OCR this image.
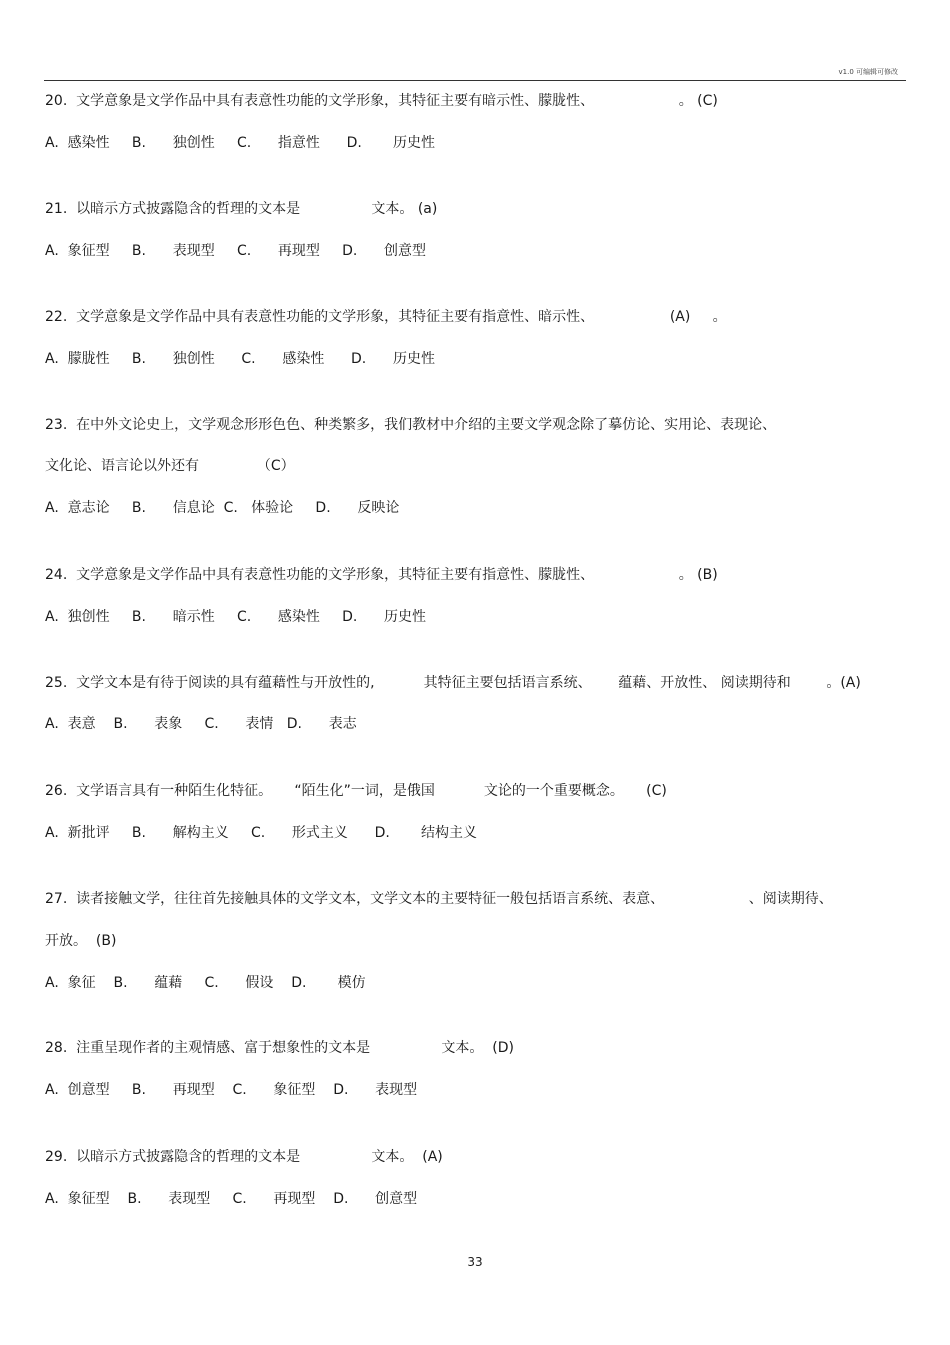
v1.0 可编辑可修改
20.  文学意象是文学作品中具有表意性功能的文学形象，其特征主要有暗示性、朦胧性、                   。 (C)
A.  感染性     B.      独创性     C.      指意性      D.       历史性
21.  以暗示方式披露隐含的哲理的文本是                文本。 (a)
A.  象征型     B.      表现型     C.      再现型     D.      创意型
22.  文学意象是文学作品中具有表意性功能的文学形象，其特征主要有指意性、暗示性、                 (A)     。
A.  朦胧性     B.      独创性      C.      感染性      D.      历史性
23.  在中外文论史上，文学观念形形色色、种类繁多，我们教材中介绍的主要文学观念除了摹仿论、实用论、表现论、
文化论、语言论以外还有             （C）
A.  意志论     B.      信息论  C.   体验论     D.      反映论
24.  文学意象是文学作品中具有表意性功能的文学形象，其特征主要有指意性、朦胧性、                   。 (B)
A.  独创性     B.      暗示性     C.      感染性     D.      历史性
25.  文学文本是有待于阅读的具有蕴藉性与开放性的,           其特征主要包括语言系统、      蕴藉、开放性、 阅读期待和        。(A)
A.  表意    B.      表象     C.      表情   D.      表志
26.  文学语言具有一种陌生化特征。     “陌生化”一词，是俄国           文论的一个重要概念。     (C)
A.  新批评     B.      解构主义     C.      形式主义      D.       结构主义
27.  读者接触文学，往往首先接触具体的文学文本，文学文本的主要特征一般包括语言系统、表意、                   、阅读期待、
开放。  (B)
A.  象征    B.      蕴藉     C.      假设    D.       模仿
28.  注重呈现作者的主观情感、富于想象性的文本是                文本。  (D)
A.  创意型     B.      再现型    C.      象征型    D.      表现型
29.  以暗示方式披露隐含的哲理的文本是                文本。  (A)
A.  象征型    B.      表现型     C.      再现型    D.      创意型
33
